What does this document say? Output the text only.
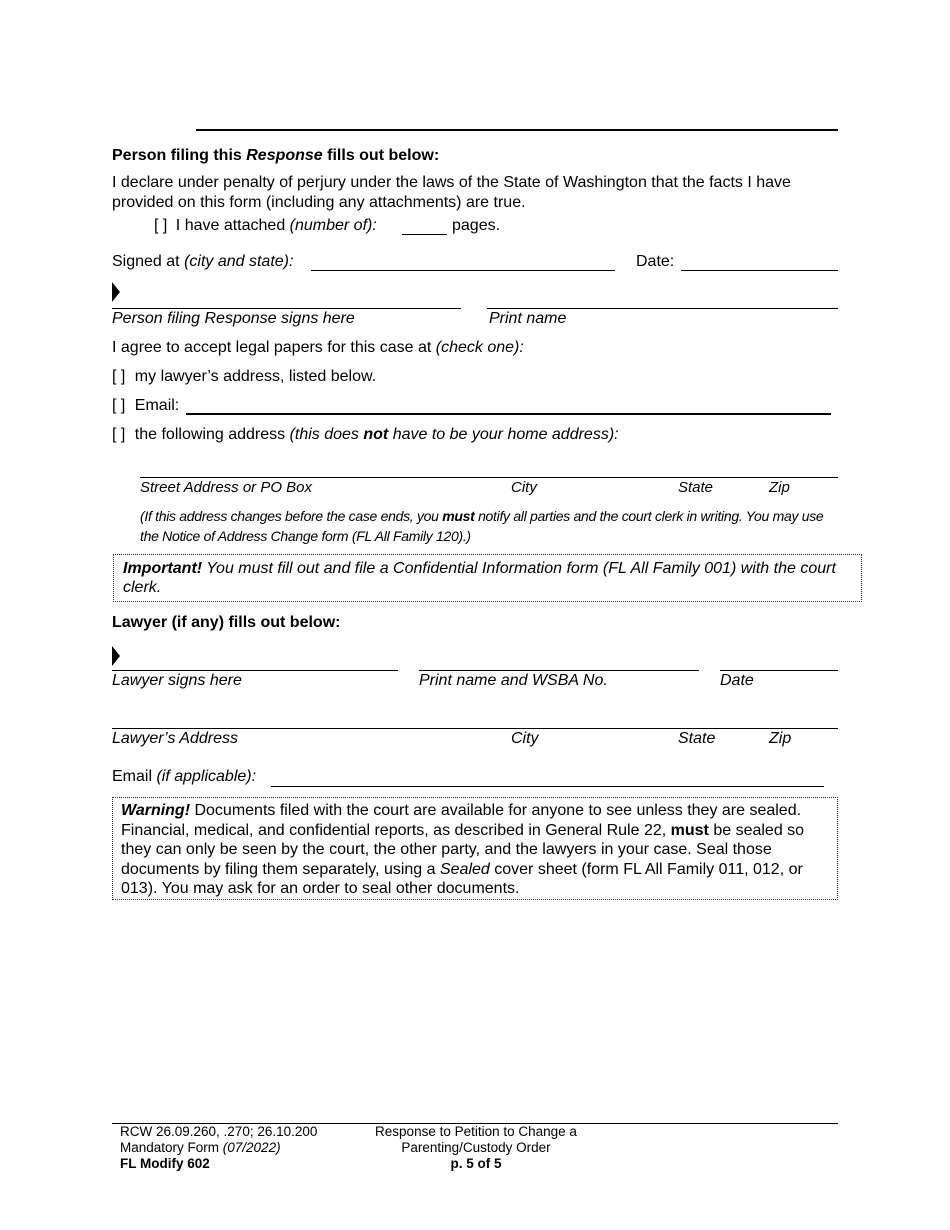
Person filing this Response fills out below:
I declare under penalty of perjury under the laws of the State of Washington that the facts I have provided on this form (including any attachments) are true.
[ ] I have attached (number of):	pages.
Signed at (city and state):	Date:
Person filing Response signs here	Print name
I agree to accept legal papers for this case at (check one):
[ ] my lawyer’s address, listed below.
[ ] Email:
[ ] the following address (this does not have to be your home address):
Street Address or PO Box	City	State	Zip
(If this address changes before the case ends, you must notify all parties and the court clerk in writing. You may use the Notice of Address Change form (FL All Family 120).)
Important! You must fill out and file a Confidential Information form (FL All Family 001) with the court clerk.
Lawyer (if any) fills out below:
Lawyer signs here	Print name and WSBA No.	Date
Lawyer’s Address	City	State	Zip
Email (if applicable):
Warning! Documents filed with the court are available for anyone to see unless they are sealed. Financial, medical, and confidential reports, as described in General Rule 22, must be sealed so they can only be seen by the court, the other party, and the lawyers in your case. Seal those documents by filing them separately, using a Sealed cover sheet (form FL All Family 011, 012, or 013). You may ask for an order to seal other documents.
RCW 26.09.260, .270; 26.10.200
Mandatory Form (07/2022)
FL Modify 602
Response to Petition to Change a
Parenting/Custody Order
p. 5 of 5
